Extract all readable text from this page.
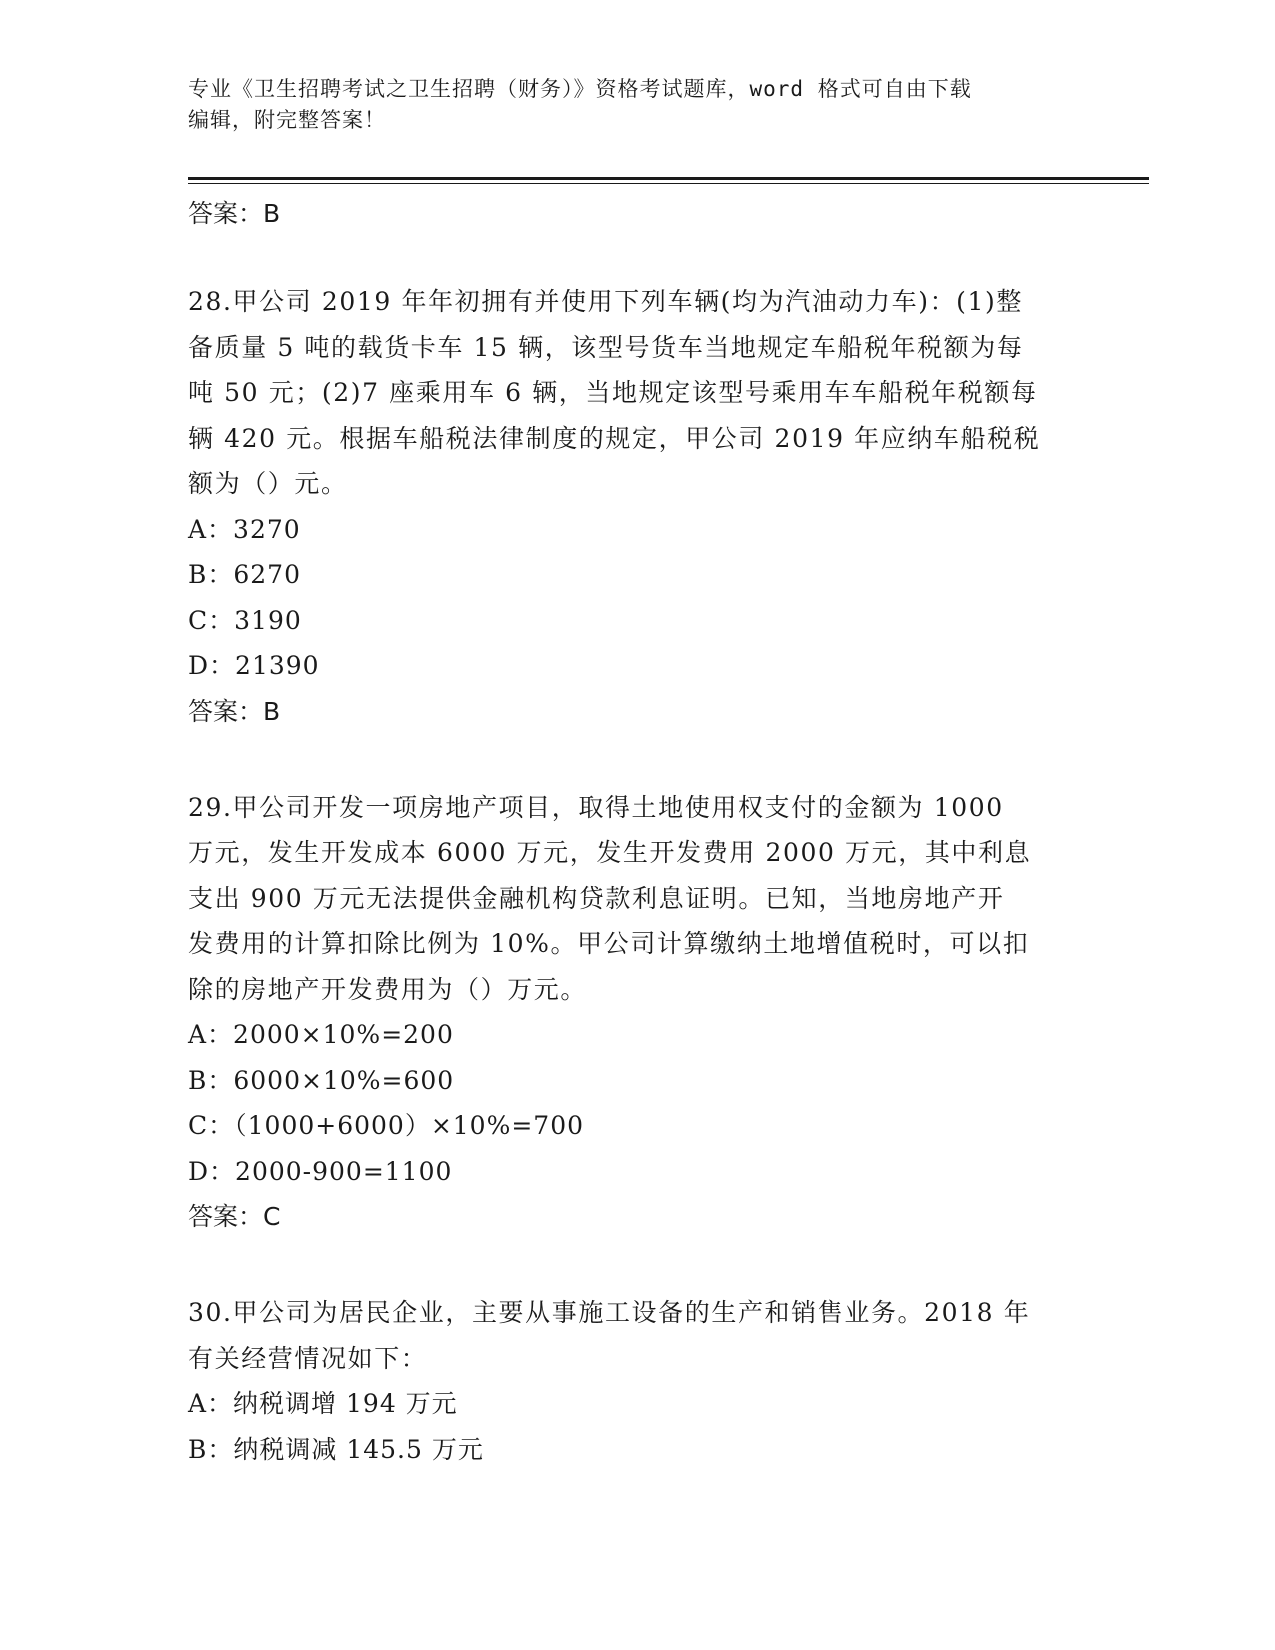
专业《卫生招聘考试之卫生招聘（财务）》资格考试题库，word 格式可自由下载
编辑，附完整答案！
答案：B
28.甲公司 2019 年年初拥有并使用下列车辆(均为汽油动力车)：(1)整
备质量 5 吨的载货卡车 15 辆，该型号货车当地规定车船税年税额为每
吨 50 元；(2)7 座乘用车 6 辆，当地规定该型号乘用车车船税年税额每
辆 420 元。根据车船税法律制度的规定，甲公司 2019 年应纳车船税税
额为（）元。
A：3270
B：6270
C：3190
D：21390
答案：B
29.甲公司开发一项房地产项目，取得土地使用权支付的金额为 1000
万元，发生开发成本 6000 万元，发生开发费用 2000 万元，其中利息
支出 900 万元无法提供金融机构贷款利息证明。已知，当地房地产开
发费用的计算扣除比例为 10%。甲公司计算缴纳土地增值税时，可以扣
除的房地产开发费用为（）万元。
A：2000×10%=200
B：6000×10%=600
C：（1000+6000）×10%=700
D：2000-900=1100
答案：C
30.甲公司为居民企业，主要从事施工设备的生产和销售业务。2018 年
有关经营情况如下：
A：纳税调增 194 万元
B：纳税调减 145.5 万元
